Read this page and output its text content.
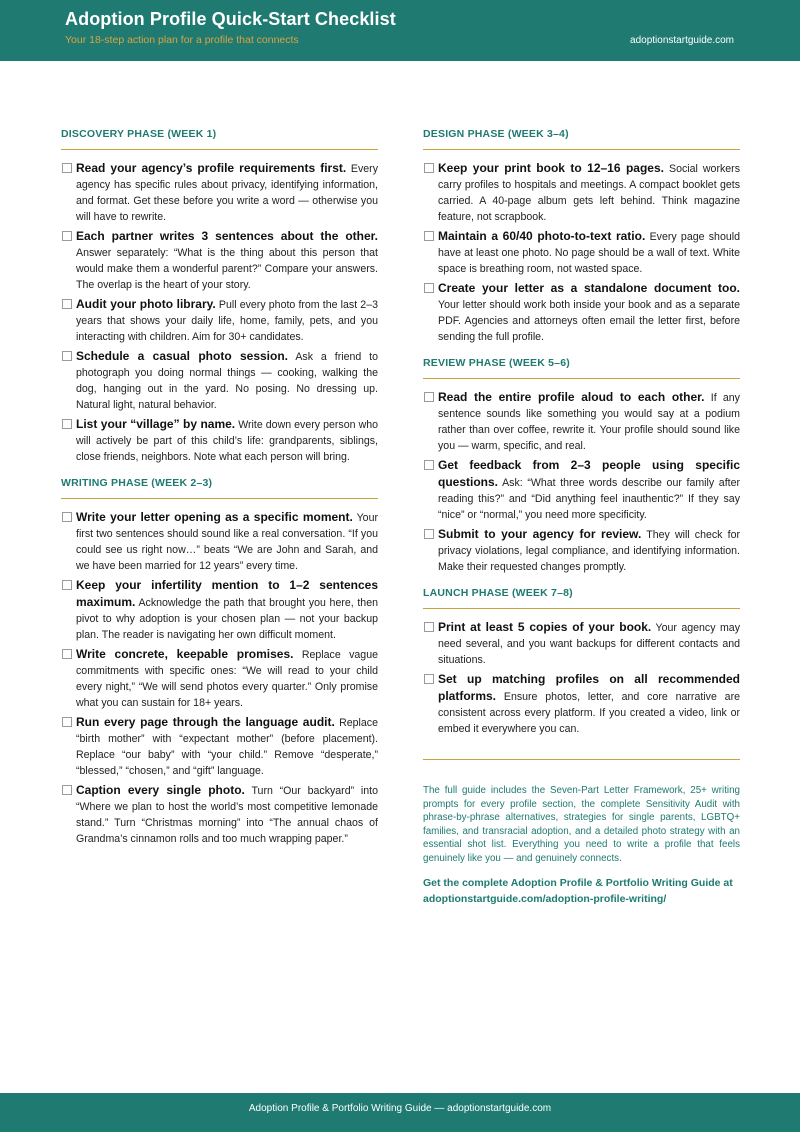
Adoption Profile Quick-Start Checklist
Your 18-step action plan for a profile that connects	adoptionstartguide.com
DISCOVERY PHASE (WEEK 1)
Read your agency’s profile requirements first. Every agency has specific rules about privacy, identifying information, and format. Get these before you write a word — otherwise you will have to rewrite.
Each partner writes 3 sentences about the other. Answer separately: “What is the thing about this person that would make them a wonderful parent?” Compare your answers. The overlap is the heart of your story.
Audit your photo library. Pull every photo from the last 2–3 years that shows your daily life, home, family, pets, and you interacting with children. Aim for 30+ candidates.
Schedule a casual photo session. Ask a friend to photograph you doing normal things — cooking, walking the dog, hanging out in the yard. No posing. No dressing up. Natural light, natural behavior.
List your “village” by name. Write down every person who will actively be part of this child’s life: grandparents, siblings, close friends, neighbors. Note what each person will bring.
WRITING PHASE (WEEK 2–3)
Write your letter opening as a specific moment. Your first two sentences should sound like a real conversation. “If you could see us right now…” beats “We are John and Sarah, and we have been married for 12 years” every time.
Keep your infertility mention to 1–2 sentences maximum. Acknowledge the path that brought you here, then pivot to why adoption is your chosen plan — not your backup plan. The reader is navigating her own difficult moment.
Write concrete, keepable promises. Replace vague commitments with specific ones: “We will read to your child every night,” “We will send photos every quarter.” Only promise what you can sustain for 18+ years.
Run every page through the language audit. Replace “birth mother” with “expectant mother” (before placement). Replace “our baby” with “your child.” Remove “desperate,” “blessed,” “chosen,” and “gift” language.
Caption every single photo. Turn “Our backyard” into “Where we plan to host the world’s most competitive lemonade stand.” Turn “Christmas morning” into “The annual chaos of Grandma’s cinnamon rolls and too much wrapping paper.”
DESIGN PHASE (WEEK 3–4)
Keep your print book to 12–16 pages. Social workers carry profiles to hospitals and meetings. A compact booklet gets carried. A 40-page album gets left behind. Think magazine feature, not scrapbook.
Maintain a 60/40 photo-to-text ratio. Every page should have at least one photo. No page should be a wall of text. White space is breathing room, not wasted space.
Create your letter as a standalone document too. Your letter should work both inside your book and as a separate PDF. Agencies and attorneys often email the letter first, before sending the full profile.
REVIEW PHASE (WEEK 5–6)
Read the entire profile aloud to each other. If any sentence sounds like something you would say at a podium rather than over coffee, rewrite it. Your profile should sound like you — warm, specific, and real.
Get feedback from 2–3 people using specific questions. Ask: “What three words describe our family after reading this?” and “Did anything feel inauthentic?” If they say “nice” or “normal,” you need more specificity.
Submit to your agency for review. They will check for privacy violations, legal compliance, and identifying information. Make their requested changes promptly.
LAUNCH PHASE (WEEK 7–8)
Print at least 5 copies of your book. Your agency may need several, and you want backups for different contacts and situations.
Set up matching profiles on all recommended platforms. Ensure photos, letter, and core narrative are consistent across every platform. If you created a video, link or embed it everywhere you can.
The full guide includes the Seven-Part Letter Framework, 25+ writing prompts for every profile section, the complete Sensitivity Audit with phrase-by-phrase alternatives, strategies for single parents, LGBTQ+ families, and transracial adoption, and a detailed photo strategy with an essential shot list. Everything you need to write a profile that feels genuinely like you — and genuinely connects.
Get the complete Adoption Profile & Portfolio Writing Guide at adoptionstartguide.com/adoption-profile-writing/
Adoption Profile & Portfolio Writing Guide — adoptionstartguide.com
